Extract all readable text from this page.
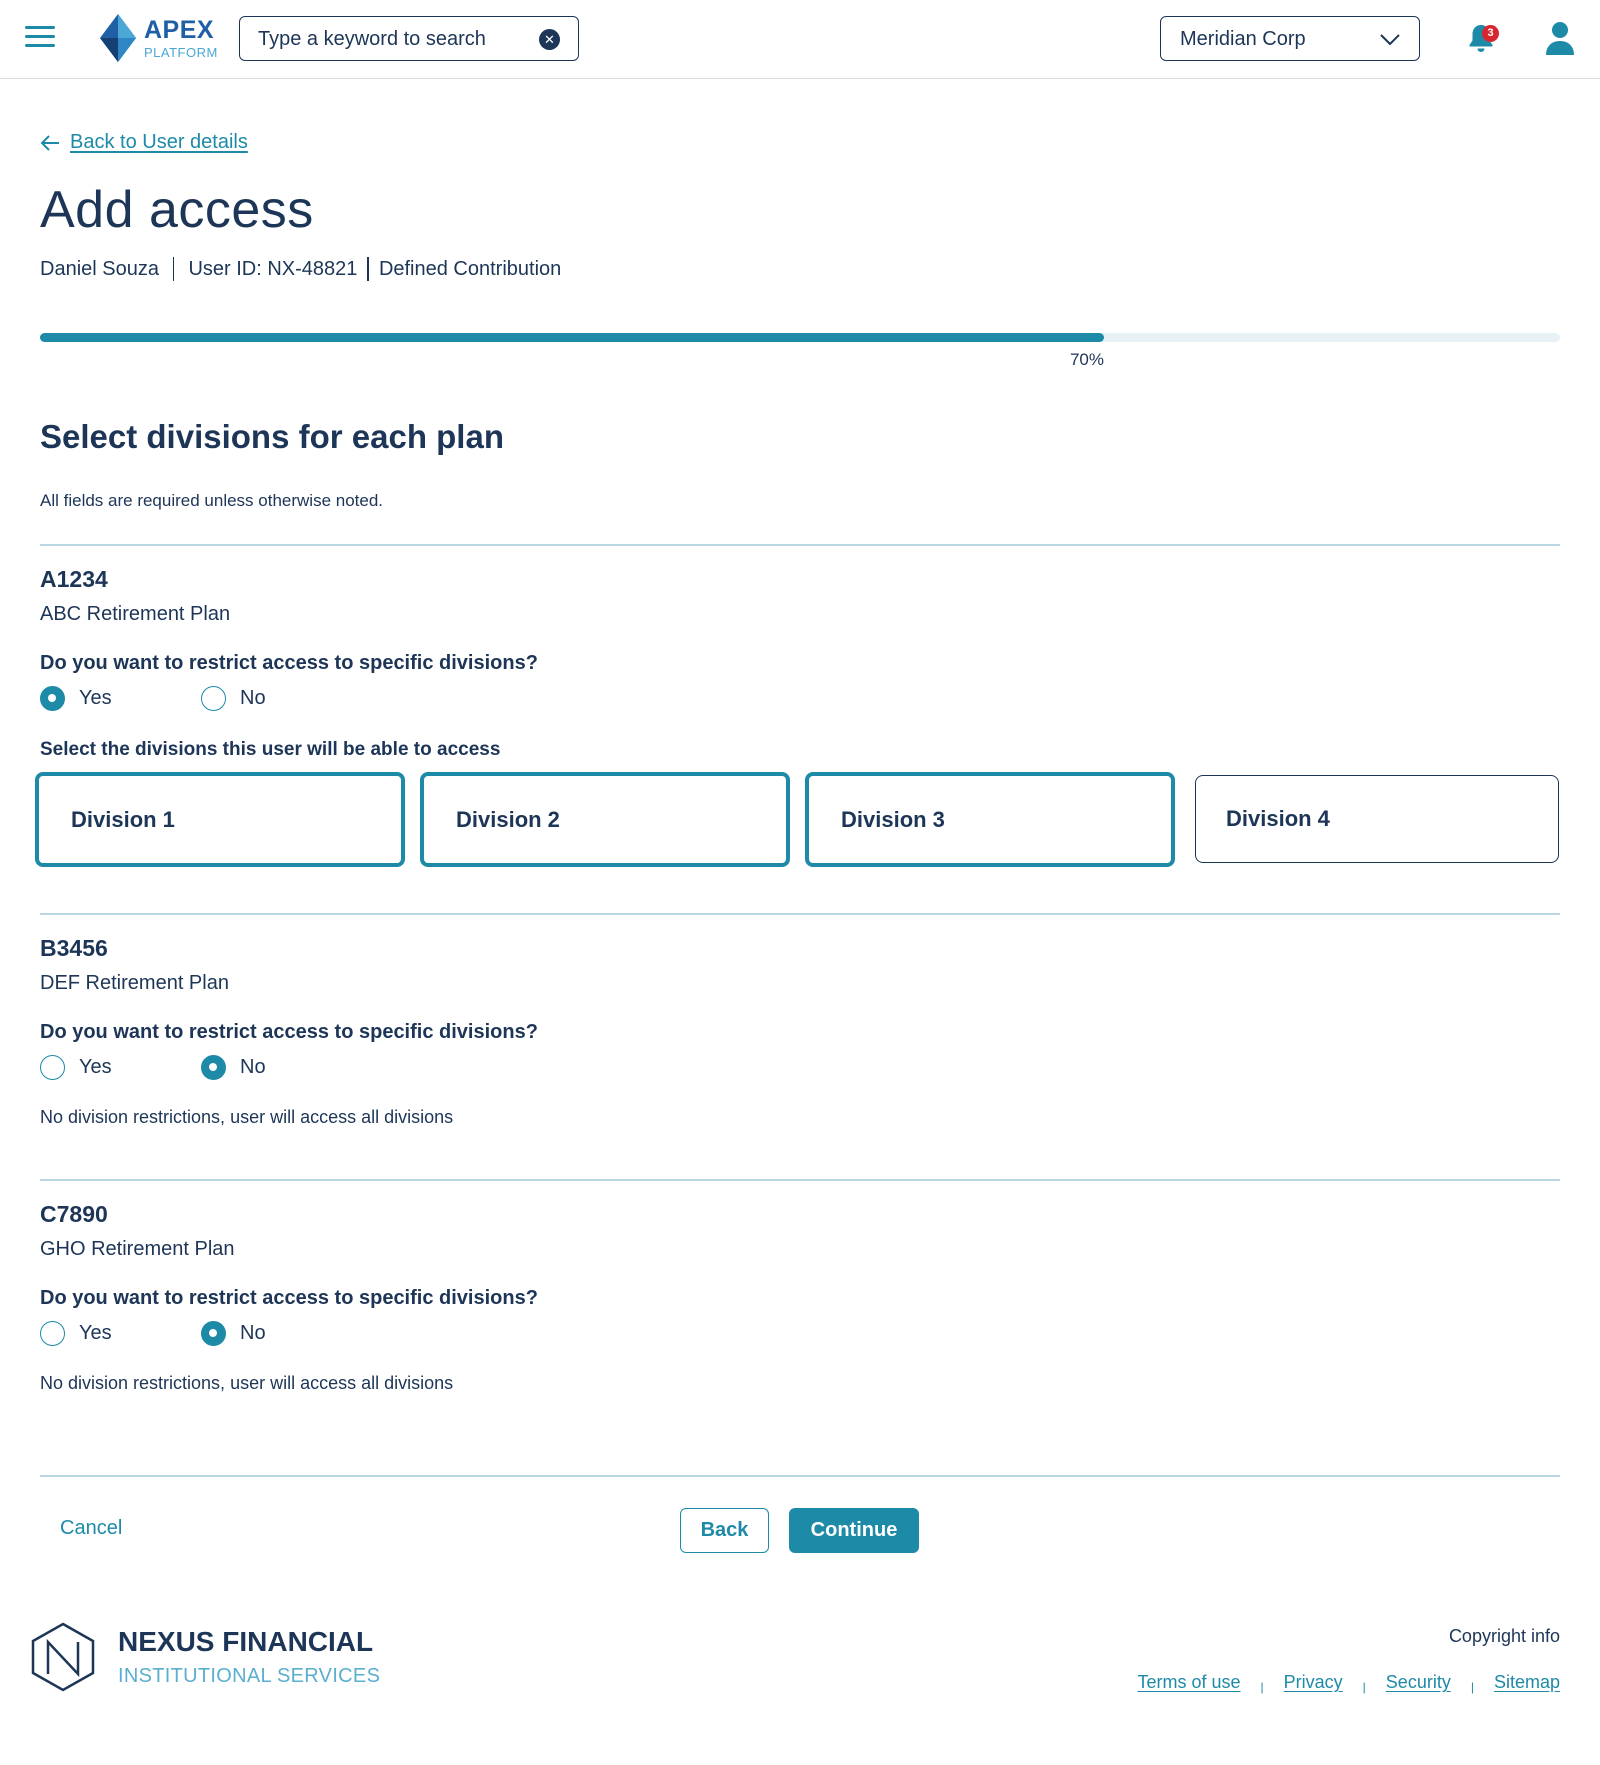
APEX
PLATFORM
Type a keyword to search
✕	Meridian Corp	3
Back to User details
Add access
Daniel Souza User ID: NX-48821 Defined Contribution
70%
Select divisions for each plan
All fields are required unless otherwise noted.
A1234
ABC Retirement Plan
Do you want to restrict access to specific divisions?
Yes	No
Select the divisions this user will be able to access
Division 1	Division 2	Division 3	Division 4
B3456
DEF Retirement Plan
Do you want to restrict access to specific divisions?
Yes	No
No division restrictions, user will access all divisions
C7890
GHO Retirement Plan
Do you want to restrict access to specific divisions?
Yes	No
No division restrictions, user will access all divisions
Cancel	Back	Continue
NEXUS FINANCIAL
INSTITUTIONAL SERVICES
Copyright info
Terms of use | Privacy | Security | Sitemap
